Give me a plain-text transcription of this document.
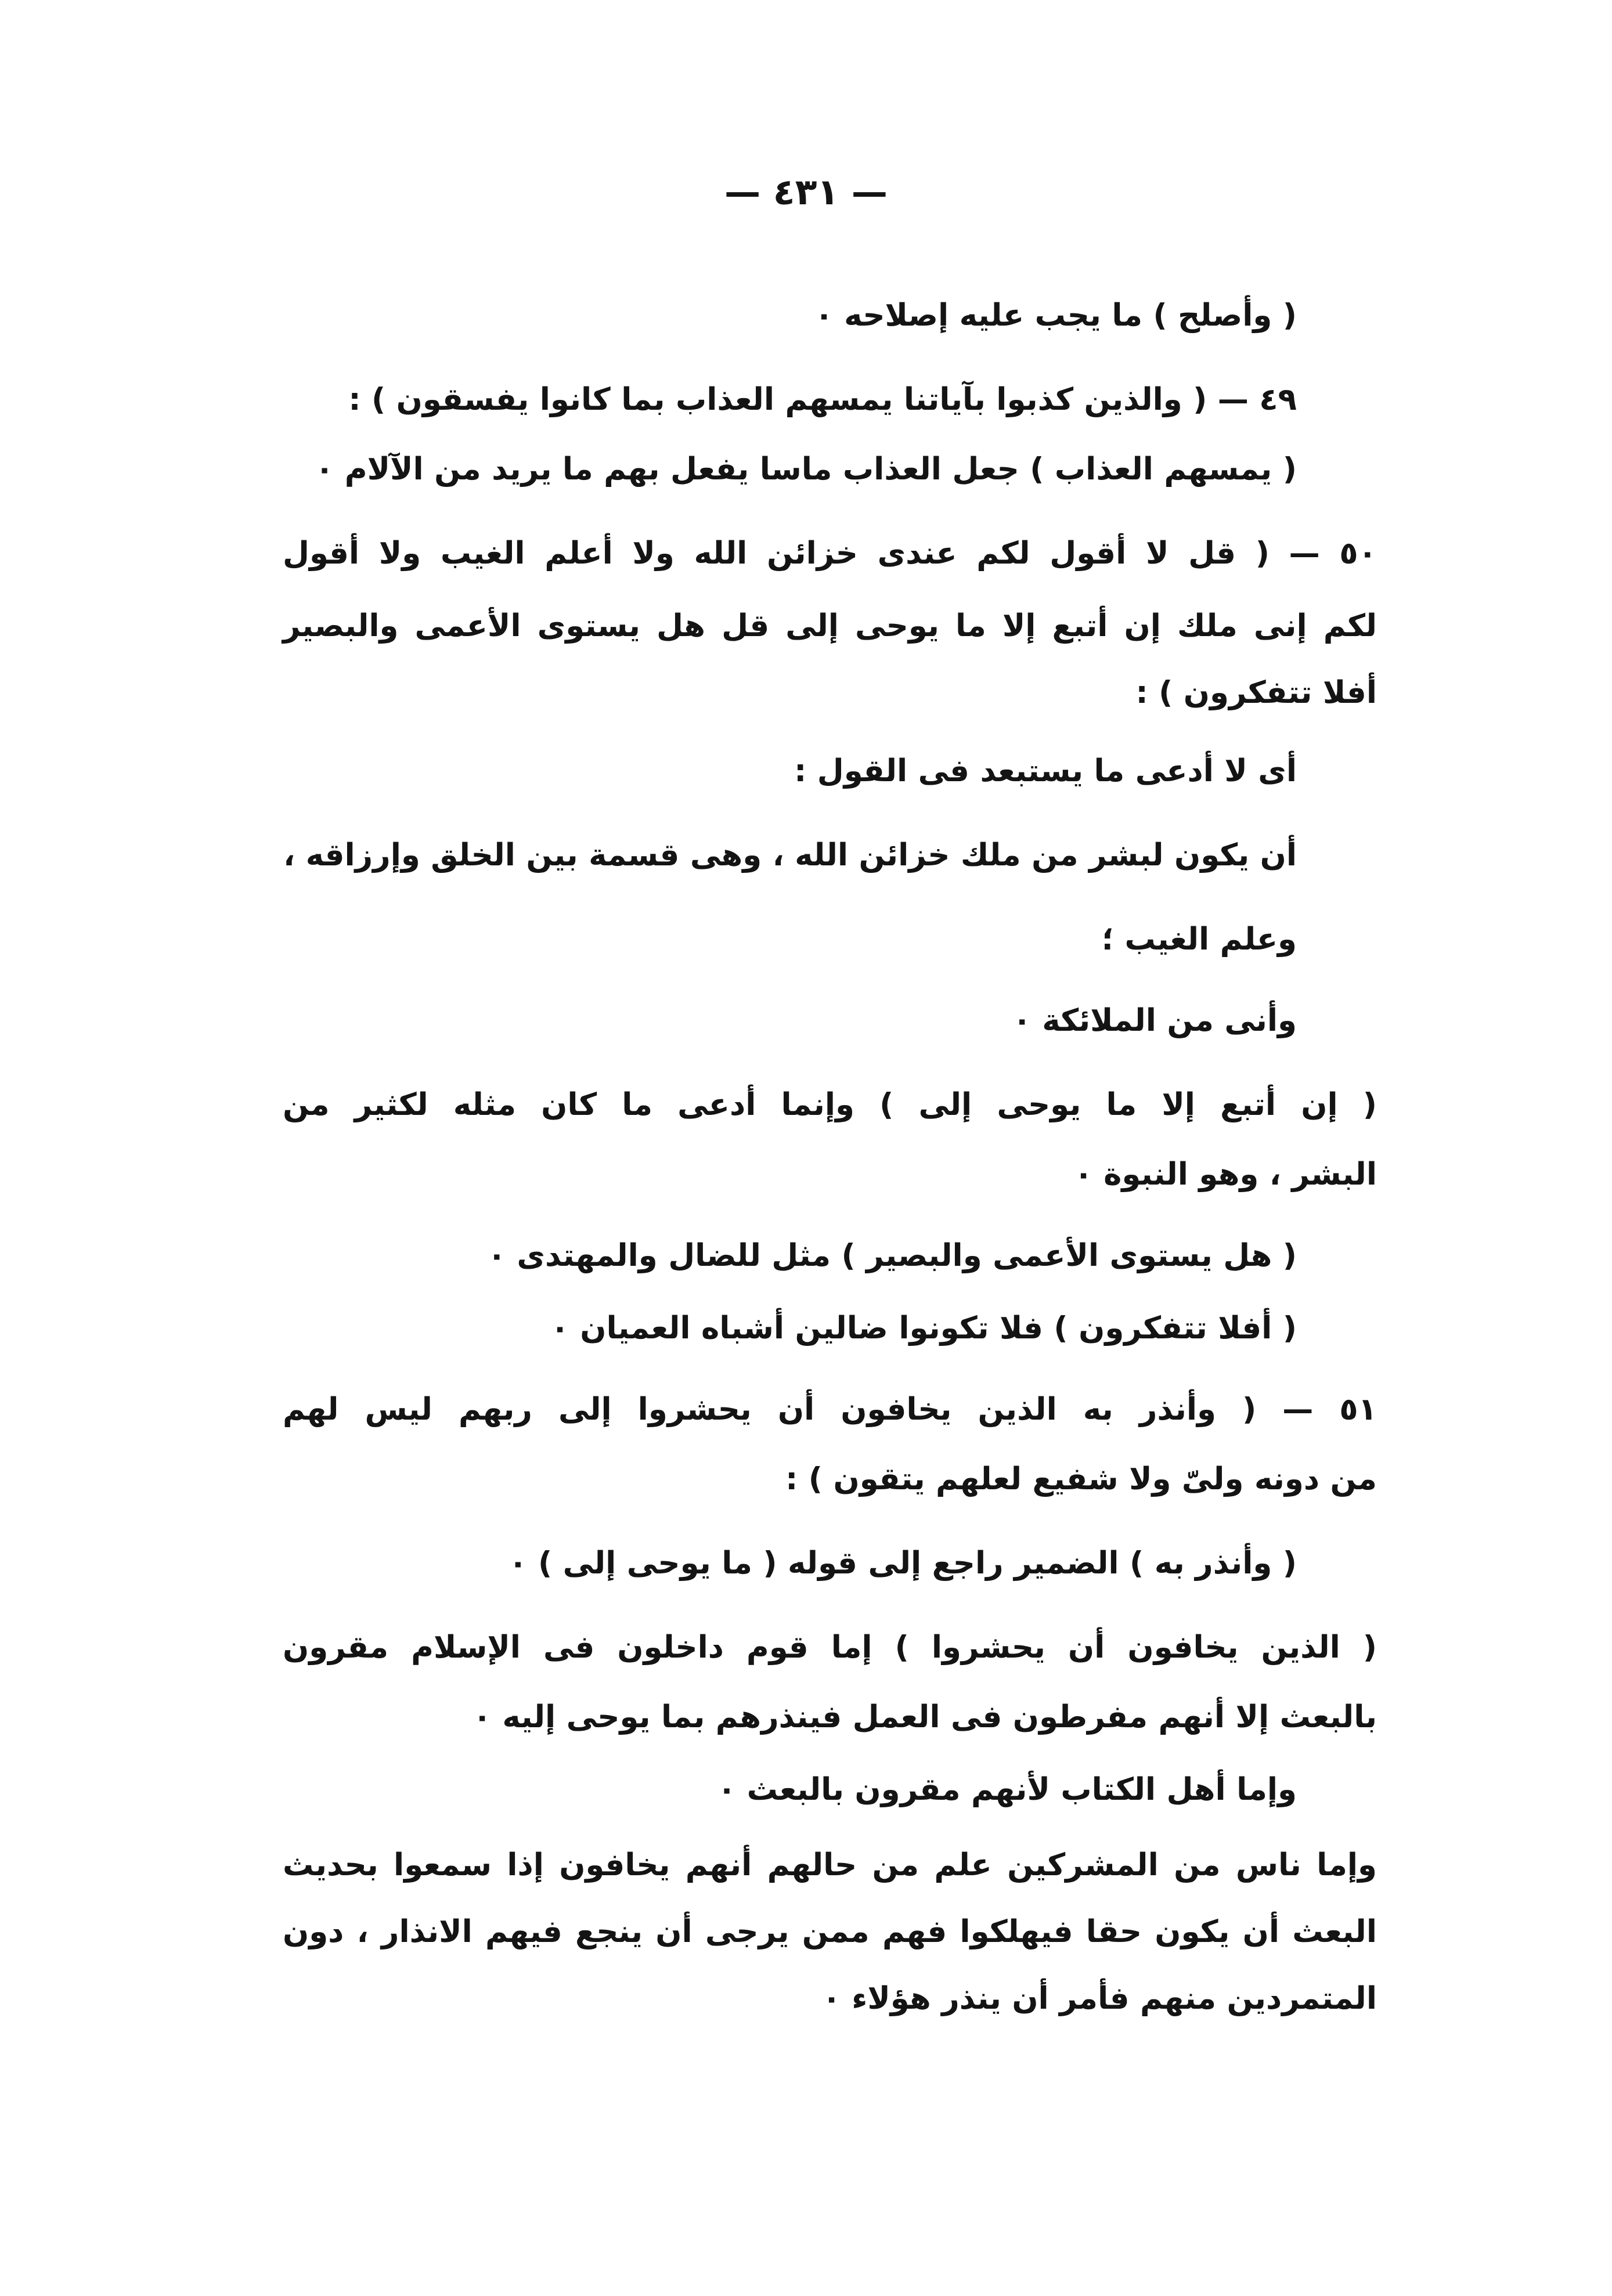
— ٤٣١ —
( وأصلح ) ما يجب عليه إصلاحه ٠
٤٩ — ( والذين كذبوا بآياتنا يمسهم العذاب بما كانوا يفسقون ) :
( يمسهم العذاب ) جعل العذاب ماسا يفعل بهم ما يريد من الآلام ٠
٥٠ — ( قل لا أقول لكم عندى خزائن الله ولا أعلم الغيب ولا أقول
لكم إنى ملك إن أتبع إلا ما يوحى إلى قل هل يستوى الأعمى والبصير
أفلا تتفكرون ) :
أى لا أدعى ما يستبعد فى القول :
أن يكون لبشر من ملك خزائن الله ، وهى قسمة بين الخلق وإرزاقه ،
وعلم الغيب ؛
وأنى من الملائكة ٠
( إن أتبع إلا ما يوحى إلى ) وإنما أدعى ما كان مثله لكثير من
البشر ، وهو النبوة ٠
( هل يستوى الأعمى والبصير ) مثل للضال والمهتدى ٠
( أفلا تتفكرون ) فلا تكونوا ضالين أشباه العميان ٠
٥١ — ( وأنذر به الذين يخافون أن يحشروا إلى ربهم ليس لهم
من دونه ولىّ ولا شفيع لعلهم يتقون ) :
( وأنذر به ) الضمير راجع إلى قوله ( ما يوحى إلى ) ٠
( الذين يخافون أن يحشروا ) إما قوم داخلون فى الإسلام مقرون
بالبعث إلا أنهم مفرطون فى العمل فينذرهم بما يوحى إليه ٠
وإما أهل الكتاب لأنهم مقرون بالبعث ٠
وإما ناس من المشركين علم من حالهم أنهم يخافون إذا سمعوا بحديث
البعث أن يكون حقا فيهلكوا فهم ممن يرجى أن ينجع فيهم الانذار ، دون
المتمردين منهم فأمر أن ينذر هؤلاء ٠
